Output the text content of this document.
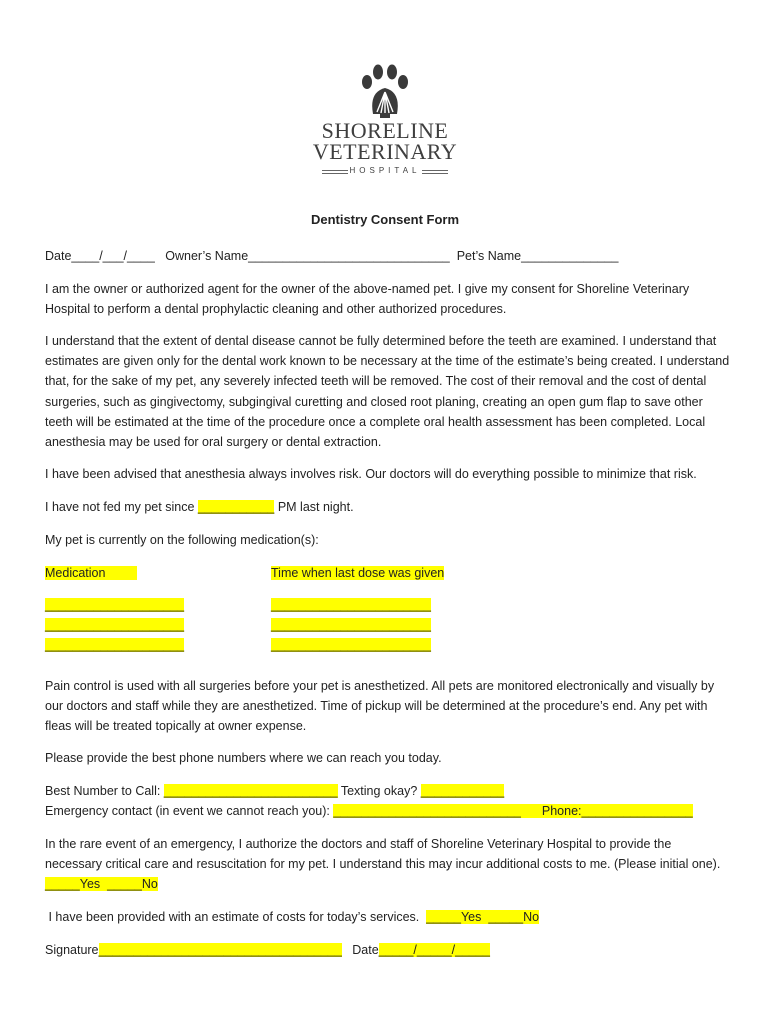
SHORELINE
VETERINARY
HOSPITAL
Dentistry Consent Form
Date____/___/____ Owner’s Name_____________________________ Pet’s Name______________
I am the owner or authorized agent for the owner of the above-named pet. I give my consent for Shoreline Veterinary Hospital to perform a dental prophylactic cleaning and other authorized procedures.
I understand that the extent of dental disease cannot be fully determined before the teeth are examined. I understand that estimates are given only for the dental work known to be necessary at the time of the estimate’s being created. I understand that, for the sake of my pet, any severely infected teeth will be removed. The cost of their removal and the cost of dental surgeries, such as gingivectomy, subgingival curetting and closed root planing, creating an open gum flap to save other teeth will be estimated at the time of the procedure once a complete oral health assessment has been completed. Local anesthesia may be used for oral surgery or dental extraction.
I have been advised that anesthesia always involves risk. Our doctors will do everything possible to minimize that risk.
I have not fed my pet since ___________ PM last night.
My pet is currently on the following medication(s):
Medication	Time when last dose was given
____________________
____________________
____________________
_______________________
_______________________
_______________________
Pain control is used with all surgeries before your pet is anesthetized. All pets are monitored electronically and visually by our doctors and staff while they are anesthetized. Time of pickup will be determined at the procedure’s end. Any pet with fleas will be treated topically at owner expense.
Please provide the best phone numbers where we can reach you today.
Best Number to Call: _________________________ Texting okay? ____________
Emergency contact (in event we cannot reach you): ___________________________      Phone:________________
In the rare event of an emergency, I authorize the doctors and staff of Shoreline Veterinary Hospital to provide the necessary critical care and resuscitation for my pet. I understand this may incur additional costs to me. (Please initial one). _____Yes  _____No
I have been provided with an estimate of costs for today’s services.  _____Yes  _____No
Signature___________________________________   Date_____/_____/_____
